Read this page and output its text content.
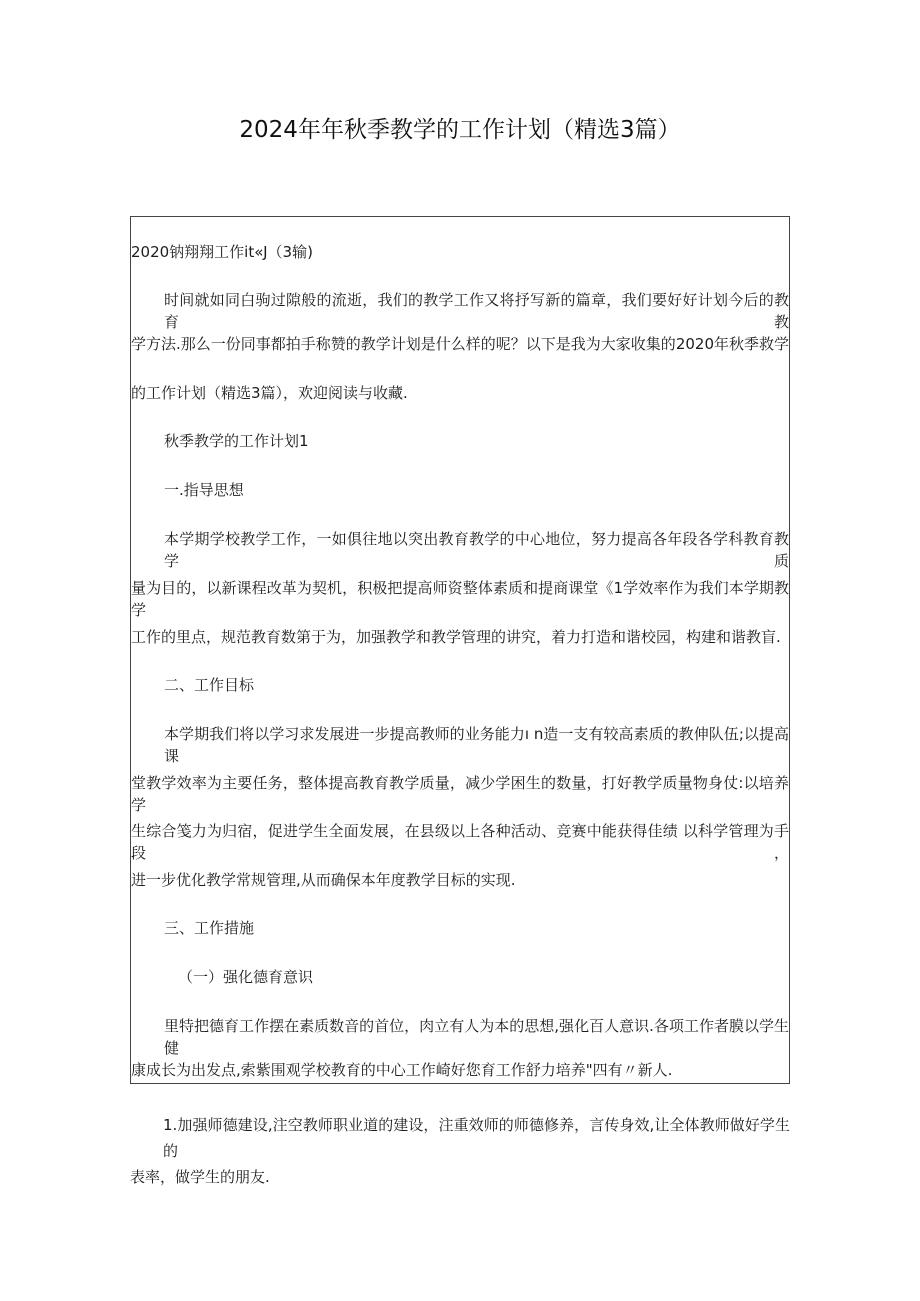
2024年年秋季教学的工作计划（精选3篇）
2020钠翔翔工作it«J（3输)
时间就如同白驹过隙般的流逝，我们的教学工作又将抒写新的篇章，我们要好好计划今后的教育教
学方法.那么一份同事都拍手称赞的教学计划是什么样的呢？以下是我为大家收集的2020年秋季救学
的工作计划（精选3篇），欢迎阅读与收藏.
秋季教学的工作计划1
一.指导思想
本学期学校教学工作，一如俱往地以突出教育教学的中心地位，努力提高各年段各学科教育教学质
量为目的，以新课程改革为契机，积极把提高师资整体素质和提商课堂《1学效率作为我们本学期教学
工作的里点，规范教育数第于为，加强教学和教学管理的讲究，着力打造和谐校园，构建和谐教盲.
二、工作目标
本学期我们将以学习求发展进一步提高教师的业务能力ı n造一支有较高素质的教伸队伍;以提高课
堂教学效率为主要任务，整体提高教育教学质量，减少学困生的数量，打好教学质量物身仗:以培养学
生综合笺力为归宿，促进学生全面发展，在县级以上各种活动、竞赛中能获得佳绩 以科学管理为手段，
进一步优化教学常规管理,从而确保本年度教学目标的实现.
三、工作措施
（一）强化德育意识
里特把德育工作摆在素质数音的首位，肉立有人为本的思想,强化百人意识.各项工作者膜以学生健
康成长为出发点,索紫围观学校教育的中心工作崎好您育工作舒力培养"四有〃新人.
1.加强师德建设,注空教师职业道的建设，注重效师的师德修养，言传身效,让全体教师做好学生的
表率，做学生的朋友.
